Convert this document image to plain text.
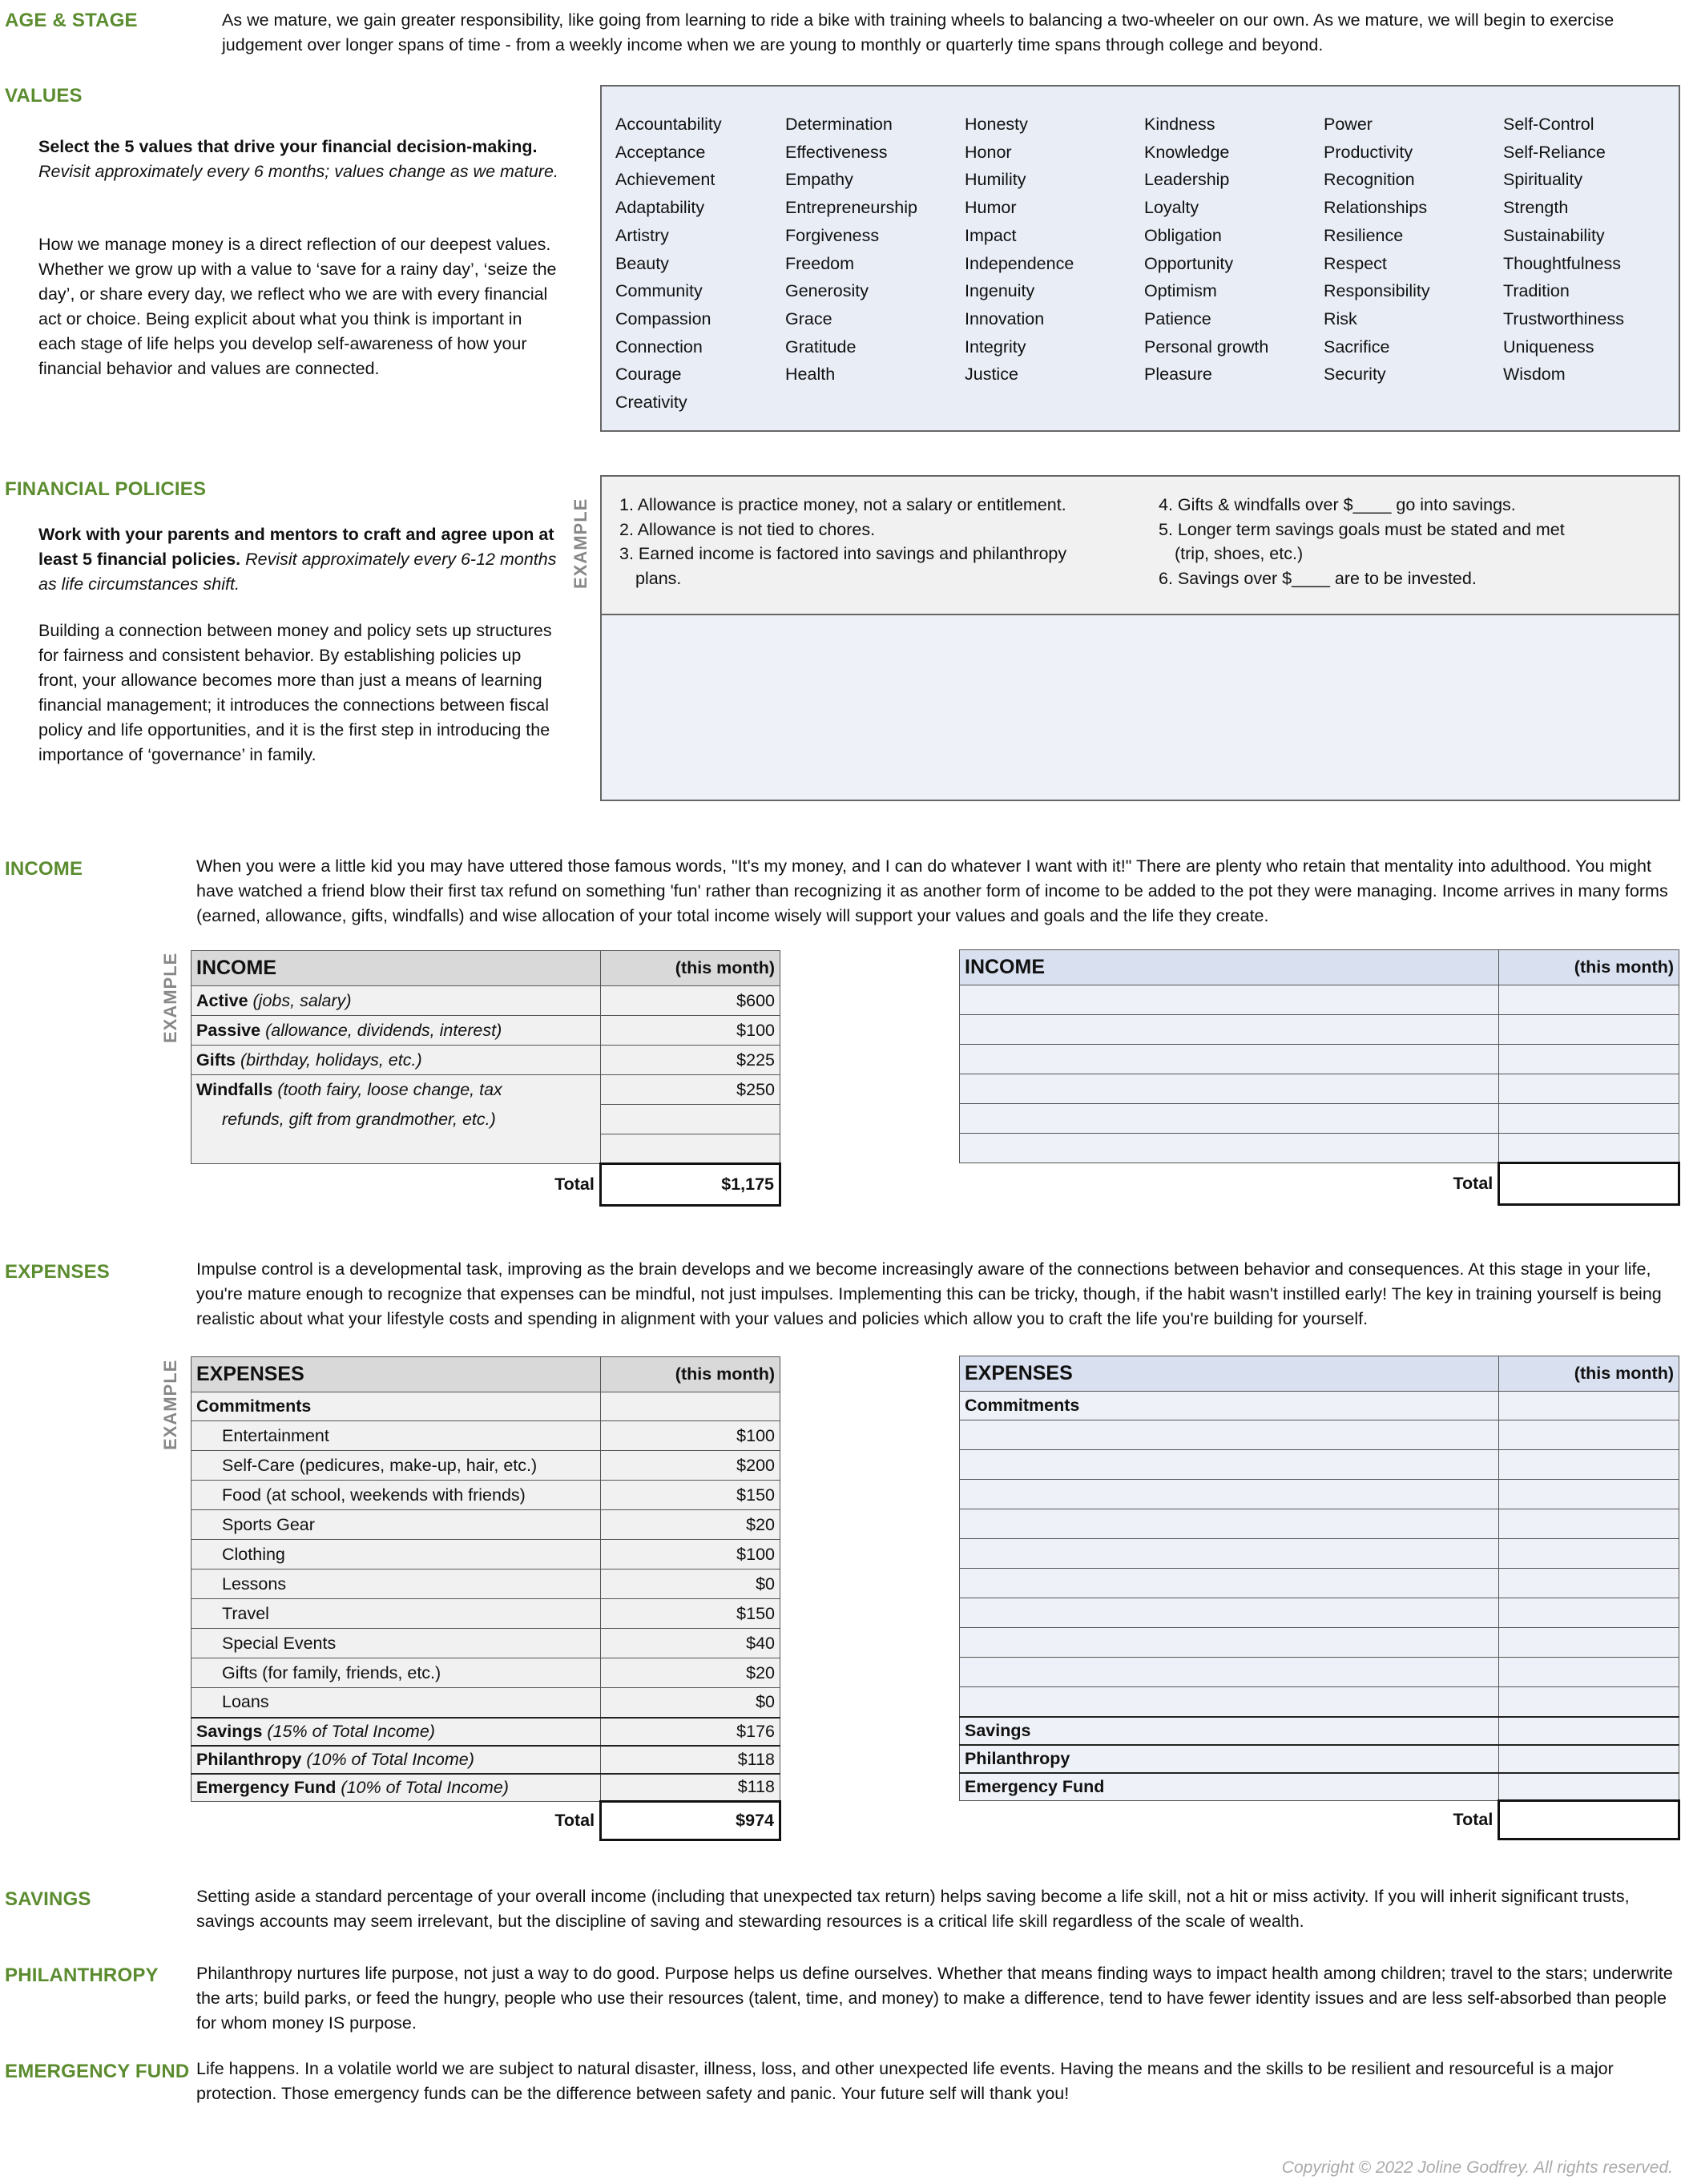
AGE & STAGE	As we mature, we gain greater responsibility, like going from learning to ride a bike with training wheels to balancing a two-wheeler on our own. As we mature, we will begin to exercise judgement over longer spans of time - from a weekly income when we are young to monthly or quarterly time spans through college and beyond.
VALUES
Select the 5 values that drive your financial decision-making. Revisit approximately every 6 months; values change as we mature.
How we manage money is a direct reflection of our deepest values. Whether we grow up with a value to ‘save for a rainy day’, ‘seize the day’, or share every day, we reflect who we are with every financial act or choice. Being explicit about what you think is important in each stage of life helps you develop self-awareness of how your financial behavior and values are connected.
Accountability
Acceptance
Achievement
Adaptability
Artistry
Beauty
Community
Compassion
Connection
Courage
Creativity
Determination
Effectiveness
Empathy
Entrepreneurship
Forgiveness
Freedom
Generosity
Grace
Gratitude
Health
Honesty
Honor
Humility
Humor
Impact
Independence
Ingenuity
Innovation
Integrity
Justice
Kindness
Knowledge
Leadership
Loyalty
Obligation
Opportunity
Optimism
Patience
Personal growth
Pleasure
Power
Productivity
Recognition
Relationships
Resilience
Respect
Responsibility
Risk
Sacrifice
Security
Self-Control
Self-Reliance
Spirituality
Strength
Sustainability
Thoughtfulness
Tradition
Trustworthiness
Uniqueness
Wisdom
FINANCIAL POLICIES
Work with your parents and mentors to craft and agree upon at least 5 financial policies. Revisit approximately every 6-12 months as life circumstances shift.
Building a connection between money and policy sets up structures for fairness and consistent behavior. By establishing policies up front, your allowance becomes more than just a means of learning financial management; it introduces the connections between fiscal policy and life opportunities, and it is the first step in introducing the importance of ‘governance’ in family.
EXAMPLE 1. Allowance is practice money, not a salary or entitlement.
2. Allowance is not tied to chores.
3. Earned income is factored into savings and philanthropy
plans.
4. Gifts & windfalls over $____ go into savings.
5. Longer term savings goals must be stated and met
(trip, shoes, etc.)
6. Savings over $____ are to be invested.
INCOME	When you were a little kid you may have uttered those famous words, "It's my money, and I can do whatever I want with it!" There are plenty who retain that mentality into adulthood. You might have watched a friend blow their first tax refund on something 'fun' rather than recognizing it as another form of income to be added to the pot they were managing. Income arrives in many forms (earned, allowance, gifts, windfalls) and wise allocation of your total income wisely will support your values and goals and the life they create.
EXAMPLE INCOME	(this month)
Active (jobs, salary)	$600
Passive (allowance, dividends, interest)	$100
Gifts (birthday, holidays, etc.)	$225
Windfalls (tooth fairy, loose change, tax	$250
refunds, gift from grandmother, etc.)	

Total	$1,175
INCOME	(this month)

Total	
EXPENSES	Impulse control is a developmental task, improving as the brain develops and we become increasingly aware of the connections between behavior and consequences. At this stage in your life, you're mature enough to recognize that expenses can be mindful, not just impulses. Implementing this can be tricky, though, if the habit wasn't instilled early! The key in training yourself is being realistic about what your lifestyle costs and spending in alignment with your values and policies which allow you to craft the life you're building for yourself.
EXAMPLE EXPENSES	(this month)
Commitments	
Entertainment	$100
Self-Care (pedicures, make-up, hair, etc.)	$200
Food (at school, weekends with friends)	$150
Sports Gear	$20
Clothing	$100
Lessons	$0
Travel	$150
Special Events	$40
Gifts (for family, friends, etc.)	$20
Loans	$0
Savings (15% of Total Income)	$176
Philanthropy (10% of Total Income)	$118
Emergency Fund (10% of Total Income)	$118
Total	$974
EXPENSES	(this month)
Commitments	

Savings	
Philanthropy	
Emergency Fund	
Total	
SAVINGS	Setting aside a standard percentage of your overall income (including that unexpected tax return) helps saving become a life skill, not a hit or miss activity. If you will inherit significant trusts, savings accounts may seem irrelevant, but the discipline of saving and stewarding resources is a critical life skill regardless of the scale of wealth.
PHILANTHROPY Philanthropy nurtures life purpose, not just a way to do good. Purpose helps us define ourselves. Whether that means finding ways to impact health among children; travel to the stars; underwrite the arts; build parks, or feed the hungry, people who use their resources (talent, time, and money) to make a difference, tend to have fewer identity issues and are less self-absorbed than people for whom money IS purpose.
EMERGENCY FUND Life happens. In a volatile world we are subject to natural disaster, illness, loss, and other unexpected life events. Having the means and the skills to be resilient and resourceful is a major protection. Those emergency funds can be the difference between safety and panic. Your future self will thank you!
Copyright © 2022 Joline Godfrey. All rights reserved.
